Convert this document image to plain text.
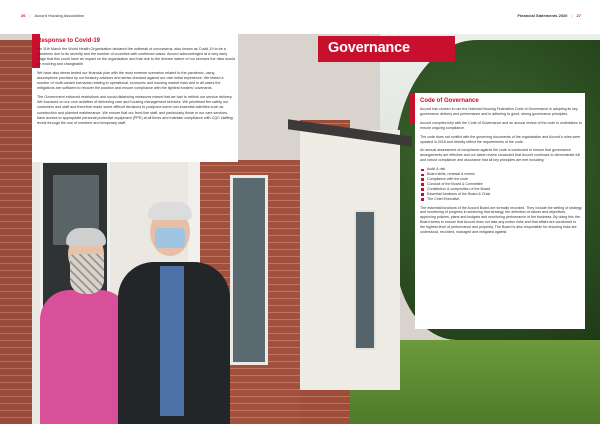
26 | Accord Housing Association	Financial Statements 2020 | 27
Response to Covid-19

On 11th March the World Health Organization declared the outbreak of coronavirus, also known as Covid-19 to be a pandemic due to its severity and the number of countries with confirmed cases. Accord acknowledged at a very early stage that this could have an impact on the organisation and that due to the diverse nature of our services the risks would be evolving and changeable.

We have also stress tested our financial plan with the most extreme scenarios related to the pandemic, using assumptions provided by our treasury advisors and sense-checked against our own initial experience. We tested a number of multi-variant scenarios relating to operational, economic and housing market risks and in all cases the mitigations are sufficient to recover the position and ensure compliance with the tightest funders' covenants.

The Government enforced restrictions and social distancing measures meant that we had to rethink our service delivery. We focussed on our core activities of delivering care and housing management services. We prioritised the safety our customers and staff and therefore made some difficult decisions to postpone some non-essential activities such as construction and planned maintenance. We ensure that our front-line staff, and particularly those in our care services, have access to appropriate personal protective equipment (PPE) at all times and maintain compliance with CQC staffing levels through the use of overtime and temporary staff.

Governance
Code of Governance

Accord has chosen to use the National Housing Federation Code of Governance in adopting its key governance delivery and performance and in adhering to good, strong governance principles.

Accord complies fully with the Code of Governance and an annual review of the code is undertaken to ensure ongoing compliance.

The code does not conflict with the governing documents of the organisation and Accord's rules were updated in 2016 and directly reflect the requirements of the code.

An annual assessment of compliance against the code is conducted to ensure that governance arrangements are effective and our latest review concluded that Accord continues to demonstrate full and robust compliance and assurance that all key principles are met including:

Audit & risk
Board skills, renewal & review
Compliance with the code
Conduct of the Board & Committee
Constitution & composition of the Board
Essential functions of the Board & Chair
The Chief Executive.

The essential functions of the Accord Board are formally recorded. They include the setting of strategy and monitoring of progress in achieving that strategy, the definition of values and objectives, approving policies, plans and budgets and monitoring performance of the business. By doing this the Board seeks to ensure that Accord does not take any undue risks and that affairs are conducted to the highest level of performance and propriety. The Board is also responsible for ensuring risks are understood, recorded, managed and mitigated against.
